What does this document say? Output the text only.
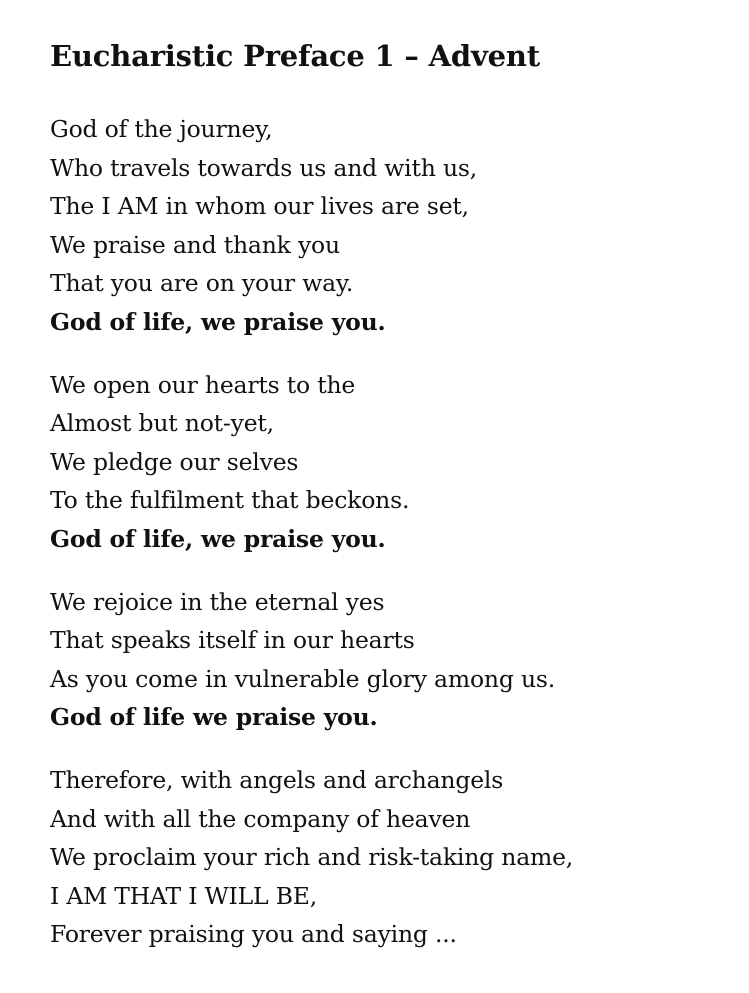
Eucharistic Preface 1 – Advent
God of the journey,
Who travels towards us and with us,
The I AM in whom our lives are set,
We praise and thank you
That you are on your way.
God of life, we praise you.
We open our hearts to the
Almost but not-yet,
We pledge our selves
To the fulfilment that beckons.
God of life, we praise you.
We rejoice in the eternal yes
That speaks itself in our hearts
As you come in vulnerable glory among us.
God of life we praise you.
Therefore, with angels and archangels
And with all the company of heaven
We proclaim your rich and risk-taking name,
I AM THAT I WILL BE,
Forever praising you and saying ...
